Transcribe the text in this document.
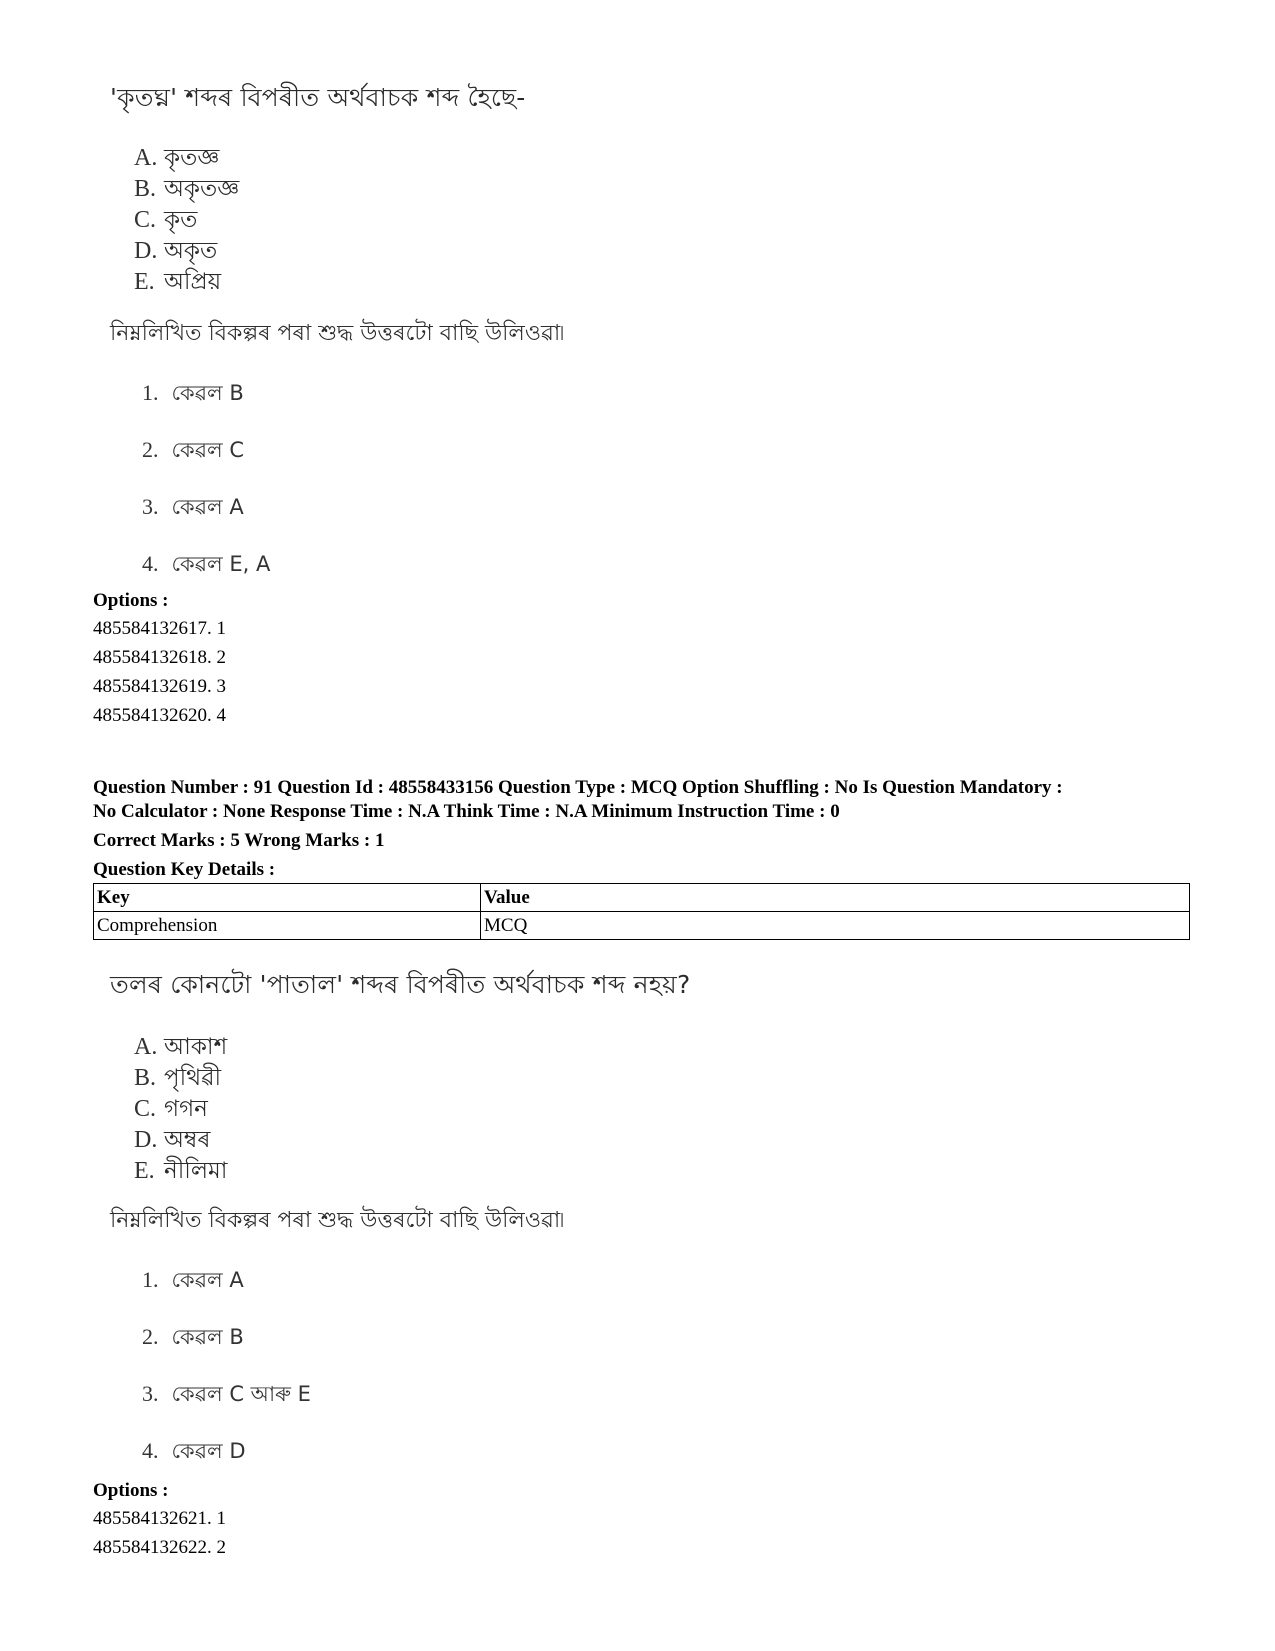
'কৃতঘ্ন' শব্দৰ বিপৰীত অৰ্থবাচক শব্দ হৈছে-
A. কৃতজ্ঞ
B. অকৃতজ্ঞ
C. কৃত
D. অকৃত
E. অপ্ৰিয়
নিম্নলিখিত বিকল্পৰ পৰা শুদ্ধ উত্তৰটো বাছি উলিওৱা৷
1. কেৱল B
2. কেৱল C
3. কেৱল A
4. কেৱল E, A
Options :
485584132617. 1
485584132618. 2
485584132619. 3
485584132620. 4
Question Number : 91 Question Id : 48558433156 Question Type : MCQ Option Shuffling : No Is Question Mandatory :
No Calculator : None Response Time : N.A Think Time : N.A Minimum Instruction Time : 0
Correct Marks : 5 Wrong Marks : 1
Question Key Details :
Key	Value
Comprehension	MCQ
তলৰ কোনটো 'পাতাল' শব্দৰ বিপৰীত অৰ্থবাচক শব্দ নহয়?
A. আকাশ
B. পৃথিৱী
C. গগন
D. অম্বৰ
E. নীলিমা
নিম্নলিখিত বিকল্পৰ পৰা শুদ্ধ উত্তৰটো বাছি উলিওৱা৷
1. কেৱল A
2. কেৱল B
3. কেৱল C আৰু E
4. কেৱল D
Options :
485584132621. 1
485584132622. 2
